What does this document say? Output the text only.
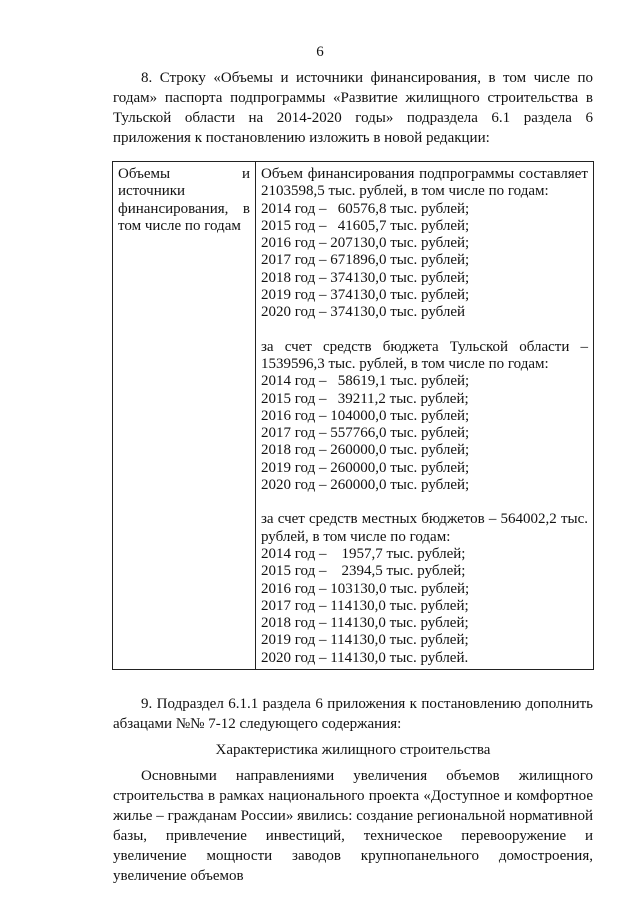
6

8. Строку «Объемы и источники финансирования, в том числе по годам» паспорта подпрограммы «Развитие жилищного строительства в Тульской области на 2014-2020 годы» подраздела 6.1 раздела 6 приложения к постановлению изложить в новой редакции:

Объемы и источники финансирования, в том числе по годам	
Объем финансирования подпрограммы составляет 2103598,5 тыс. рублей, в том числе по годам:
2014 год –   60576,8 тыс. рублей;
2015 год –   41605,7 тыс. рублей;
2016 год – 207130,0 тыс. рублей;
2017 год – 671896,0 тыс. рублей;
2018 год – 374130,0 тыс. рублей;
2019 год – 374130,0 тыс. рублей;
2020 год – 374130,0 тыс. рублей
за счет средств бюджета Тульской области – 1539596,3 тыс. рублей, в том числе по годам:
2014 год –   58619,1 тыс. рублей;
2015 год –   39211,2 тыс. рублей;
2016 год – 104000,0 тыс. рублей;
2017 год – 557766,0 тыс. рублей;
2018 год – 260000,0 тыс. рублей;
2019 год – 260000,0 тыс. рублей;
2020 год – 260000,0 тыс. рублей;
за счет средств местных бюджетов – 564002,2 тыс. рублей, в том числе по годам:
2014 год –    1957,7 тыс. рублей;
2015 год –    2394,5 тыс. рублей;
2016 год – 103130,0 тыс. рублей;
2017 год – 114130,0 тыс. рублей;
2018 год – 114130,0 тыс. рублей;
2019 год – 114130,0 тыс. рублей;
2020 год – 114130,0 тыс. рублей.

9. Подраздел 6.1.1 раздела 6 приложения к постановлению дополнить абзацами №№ 7-12 следующего содержания:

Характеристика жилищного строительства

Основными направлениями увеличения объемов жилищного строительства в рамках национального проекта «Доступное и комфортное жилье – гражданам России» явились: создание региональной нормативной базы, привлечение инвестиций, техническое перевооружение и увеличение мощности заводов крупнопанельного домостроения, увеличение объемов
